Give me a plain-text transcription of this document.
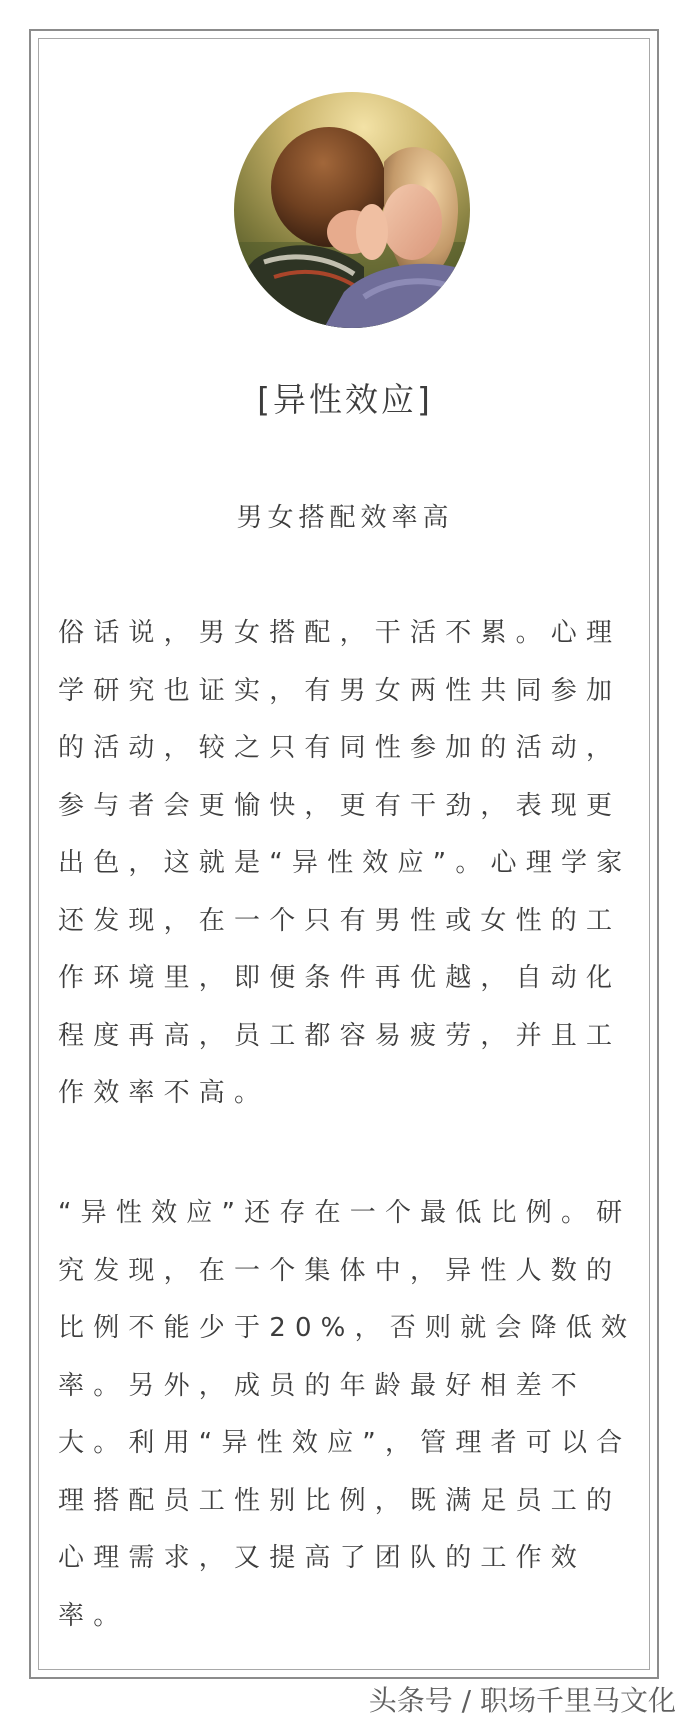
[异性效应]
男女搭配效率高

俗话说，男女搭配，干活不累。心理学研究也证实，有男女两性共同参加的活动，较之只有同性参加的活动，参与者会更愉快，更有干劲，表现更出色，这就是“异性效应”。心理学家还发现，在一个只有男性或女性的工作环境里，即便条件再优越，自动化程度再高，员工都容易疲劳，并且工作效率不高。

“异性效应”还存在一个最低比例。研究发现，在一个集体中，异性人数的比例不能少于20%，否则就会降低效率。另外，成员的年龄最好相差不大。利用“异性效应”，管理者可以合理搭配员工性别比例，既满足员工的心理需求，又提高了团队的工作效率。

头条号 / 职场千里马文化
